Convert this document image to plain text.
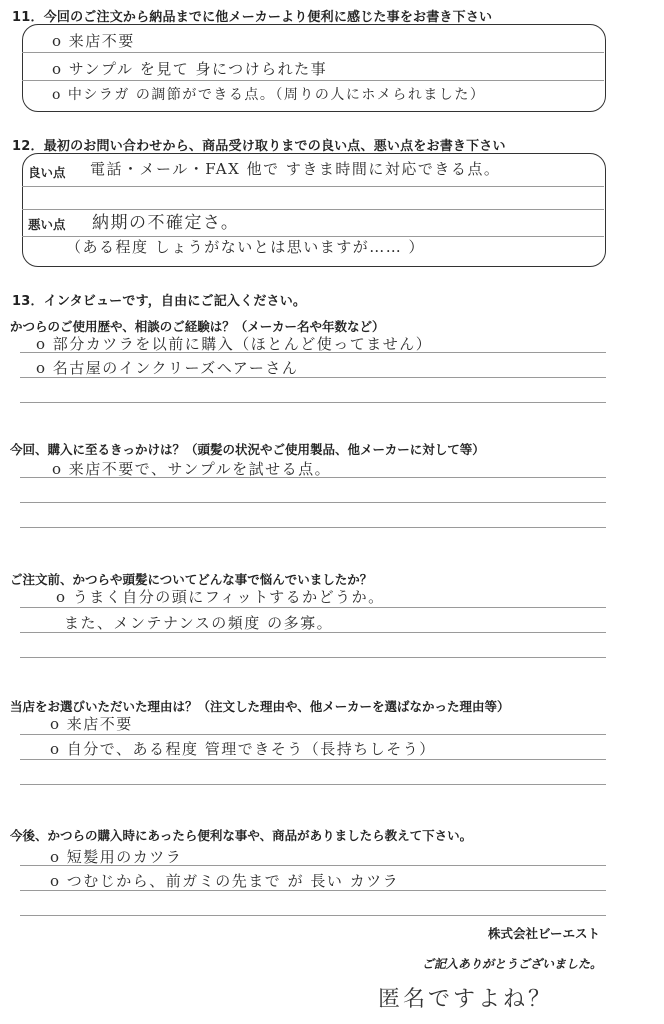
11．今回のご注文から納品までに他メーカーより便利に感じた事をお書き下さい
o 来店不要
o サンプル を見て 身につけられた事
o 中シラガ の調節ができる点。（周りの人にホメられました）
12．最初のお問い合わせから、商品受け取りまでの良い点、悪い点をお書き下さい
良い点
悪い点
電話・メール・FAX 他で すきま時間に対応できる点。
納期の不確定さ。
（ある程度 しょうがないとは思いますが…… ）
13．インタビューです，自由にご記入ください。
かつらのご使用歴や、相談のご経験は？（メーカー名や年数など）
o 部分カツラを以前に購入（ほとんど使ってません）
o 名古屋のインクリーズヘアーさん
今回、購入に至るきっかけは？（頭髪の状況やご使用製品、他メーカーに対して等）
o 来店不要で、サンプルを試せる点。
ご注文前、かつらや頭髪についてどんな事で悩んでいましたか？
o うまく自分の頭にフィットするかどうか。
また、メンテナンスの頻度 の多寡。
当店をお選びいただいた理由は？（注文した理由や、他メーカーを選ばなかった理由等）
o 来店不要
o 自分で、ある程度 管理できそう（長持ちしそう）
今後、かつらの購入時にあったら便利な事や、商品がありましたら教えて下さい。
o 短髪用のカツラ
o つむじから、前ガミの先まで が 長い カツラ
株式会社ビーエスト
ご記入ありがとうございました。
匿名ですよね？
